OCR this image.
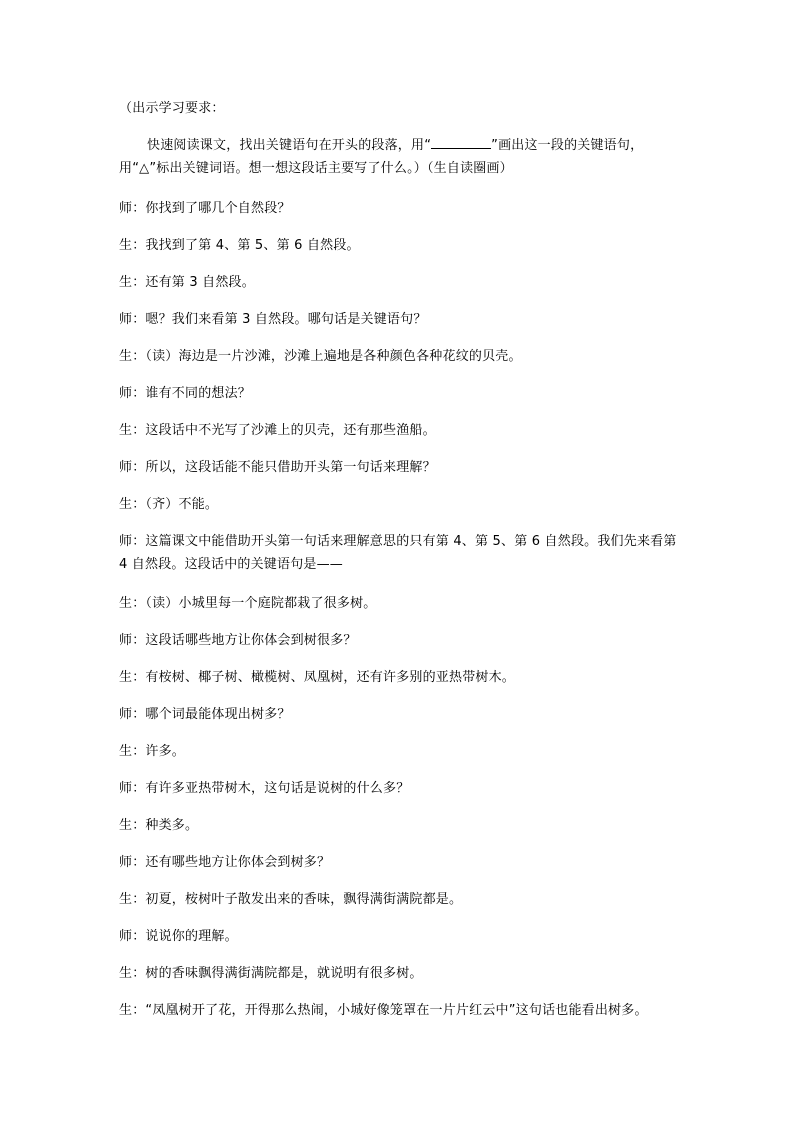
（出示学习要求：
快速阅读课文，找出关键语句在开头的段落，用“	”画出这一段的关键语句，用“△”标出关键词语。想一想这段话主要写了什么。）（生自读圈画）
师：你找到了哪几个自然段？
生：我找到了第 4、第 5、第 6 自然段。
生：还有第 3 自然段。
师：嗯？我们来看第 3 自然段。哪句话是关键语句？
生：（读）海边是一片沙滩，沙滩上遍地是各种颜色各种花纹的贝壳。
师：谁有不同的想法？
生：这段话中不光写了沙滩上的贝壳，还有那些渔船。
师：所以，这段话能不能只借助开头第一句话来理解？
生：（齐）不能。
师：这篇课文中能借助开头第一句话来理解意思的只有第 4、第 5、第 6 自然段。我们先来看第 4 自然段。这段话中的关键语句是——
生：（读）小城里每一个庭院都栽了很多树。
师：这段话哪些地方让你体会到树很多？
生：有桉树、椰子树、橄榄树、凤凰树，还有许多别的亚热带树木。
师：哪个词最能体现出树多？
生：许多。
师：有许多亚热带树木，这句话是说树的什么多？
生：种类多。
师：还有哪些地方让你体会到树多？
生：初夏，桉树叶子散发出来的香味，飘得满街满院都是。
师：说说你的理解。
生：树的香味飘得满街满院都是，就说明有很多树。
生：“凤凰树开了花，开得那么热闹，小城好像笼罩在一片片红云中”这句话也能看出树多。
